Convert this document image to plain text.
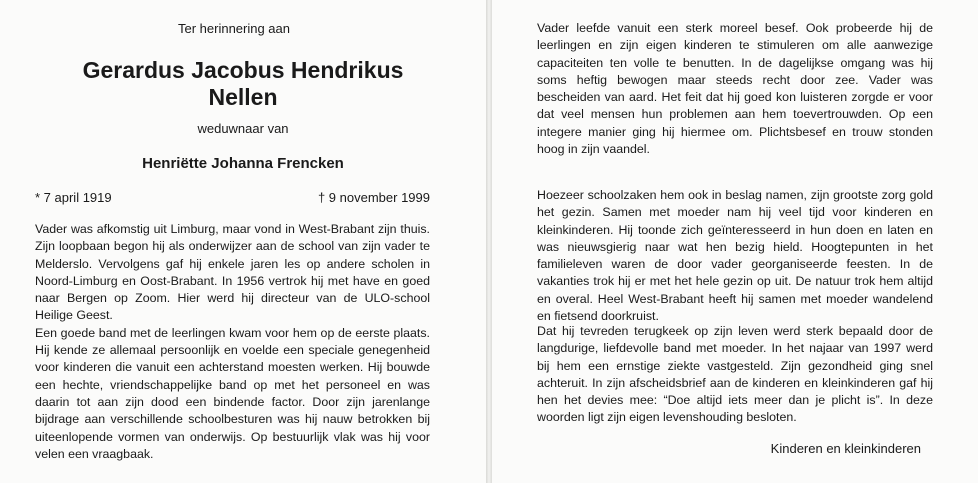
Ter herinnering aan
Gerardus Jacobus Hendrikus
Nellen
weduwnaar van
Henriëtte Johanna Frencken
* 7 april 1919	† 9 november 1999

Vader was afkomstig uit Limburg, maar vond in West-Brabant zijn thuis. Zijn loopbaan begon hij als onderwijzer aan de school van zijn vader te Melderslo. Vervolgens gaf hij enkele jaren les op andere scholen in Noord-Limburg en Oost-Brabant. In 1956 vertrok hij met have en goed naar Bergen op Zoom. Hier werd hij directeur van de ULO-school Heilige Geest.

Een goede band met de leerlingen kwam voor hem op de eerste plaats. Hij kende ze allemaal persoonlijk en voelde een speciale genegenheid voor kinderen die vanuit een achterstand moesten werken. Hij bouwde een hechte, vriendschappelijke band op met het personeel en was daarin tot aan zijn dood een bindende factor. Door zijn jarenlange bijdrage aan verschillende schoolbesturen was hij nauw betrokken bij uiteenlopende vormen van onderwijs. Op bestuurlijk vlak was hij voor velen een vraagbaak.

Vader leefde vanuit een sterk moreel besef. Ook probeerde hij de leerlingen en zijn eigen kinderen te stimuleren om alle aanwezige capaciteiten ten volle te benutten. In de dagelijkse omgang was hij soms heftig bewogen maar steeds recht door zee. Vader was bescheiden van aard. Het feit dat hij goed kon luisteren zorgde er voor dat veel mensen hun problemen aan hem toevertrouwden. Op een integere manier ging hij hiermee om. Plichtsbesef en trouw stonden hoog in zijn vaandel.
Hoezeer schoolzaken hem ook in beslag namen, zijn grootste zorg gold het gezin. Samen met moeder nam hij veel tijd voor kinderen en kleinkinderen. Hij toonde zich geïnteresseerd in hun doen en laten en was nieuwsgierig naar wat hen bezig hield. Hoogtepunten in het familieleven waren de door vader georganiseerde feesten. In de vakanties trok hij er met het hele gezin op uit. De natuur trok hem altijd en overal. Heel West-Brabant heeft hij samen met moeder wandelend en fietsend doorkruist.
Dat hij tevreden terugkeek op zijn leven werd sterk bepaald door de langdurige, liefdevolle band met moeder. In het najaar van 1997 werd bij hem een ernstige ziekte vastgesteld. Zijn gezondheid ging snel achteruit. In zijn afscheidsbrief aan de kinderen en kleinkinderen gaf hij hen het devies mee: “Doe altijd iets meer dan je plicht is”. In deze woorden ligt zijn eigen levenshouding besloten.
Kinderen en kleinkinderen
